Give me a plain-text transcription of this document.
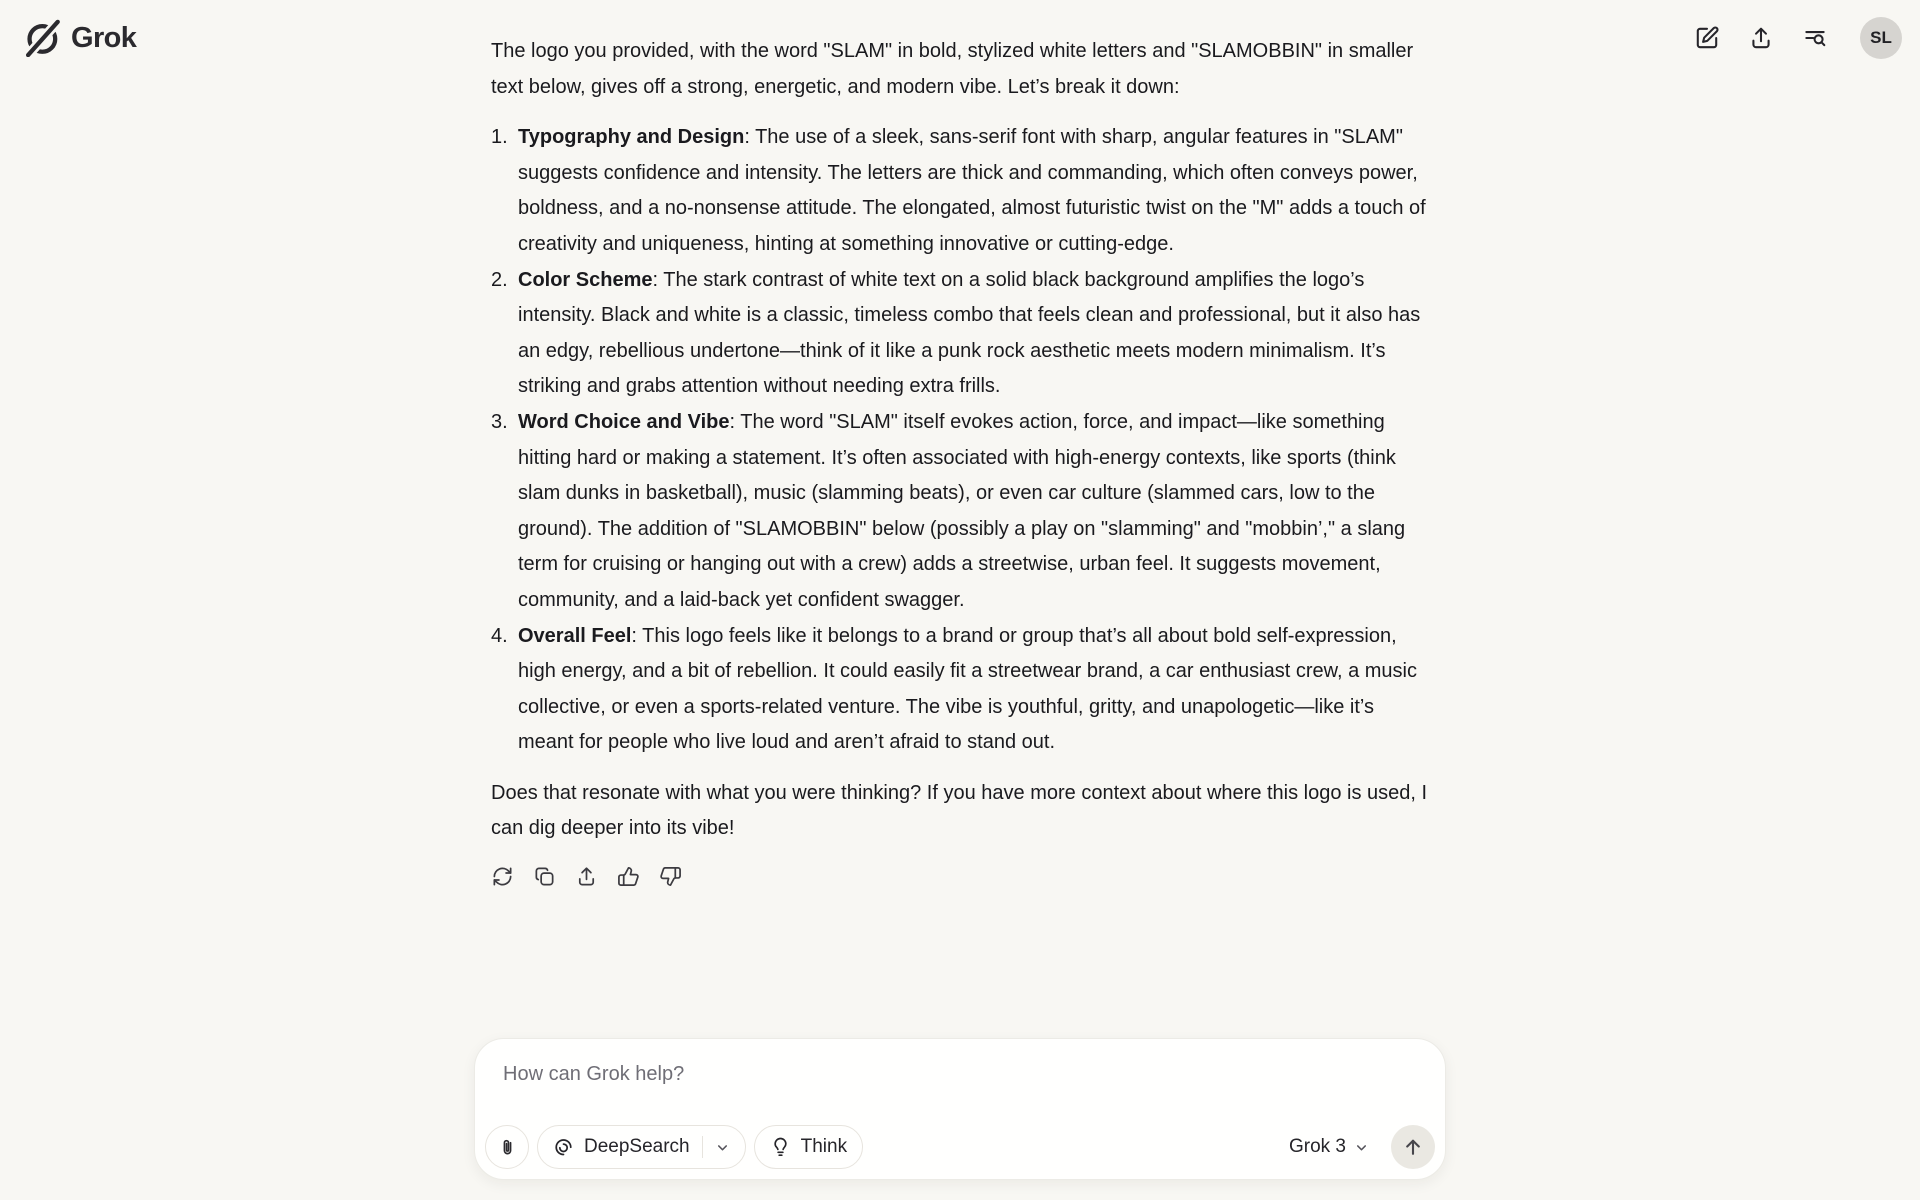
Grok	SL

The logo you provided, with the word "SLAM" in bold, stylized white letters and "SLAMOBBIN" in smaller text below, gives off a strong, energetic, and modern vibe. Let’s break it down:

Typography and Design: The use of a sleek, sans-serif font with sharp, angular features in "SLAM" suggests confidence and intensity. The letters are thick and commanding, which often conveys power, boldness, and a no-nonsense attitude. The elongated, almost futuristic twist on the "M" adds a touch of creativity and uniqueness, hinting at something innovative or cutting-edge.
Color Scheme: The stark contrast of white text on a solid black background amplifies the logo’s intensity. Black and white is a classic, timeless combo that feels clean and professional, but it also has an edgy, rebellious undertone—think of it like a punk rock aesthetic meets modern minimalism. It’s striking and grabs attention without needing extra frills.
Word Choice and Vibe: The word "SLAM" itself evokes action, force, and impact—like something hitting hard or making a statement. It’s often associated with high-energy contexts, like sports (think slam dunks in basketball), music (slamming beats), or even car culture (slammed cars, low to the ground). The addition of "SLAMOBBIN" below (possibly a play on "slamming" and "mobbin’," a slang term for cruising or hanging out with a crew) adds a streetwise, urban feel. It suggests movement, community, and a laid-back yet confident swagger.
Overall Feel: This logo feels like it belongs to a brand or group that’s all about bold self-expression, high energy, and a bit of rebellion. It could easily fit a streetwear brand, a car enthusiast crew, a music collective, or even a sports-related venture. The vibe is youthful, gritty, and unapologetic—like it’s meant for people who live loud and aren’t afraid to stand out.

Does that resonate with what you were thinking? If you have more context about where this logo is used, I can dig deeper into its vibe!

How can Grok help?
DeepSearch	Think	Grok 3
